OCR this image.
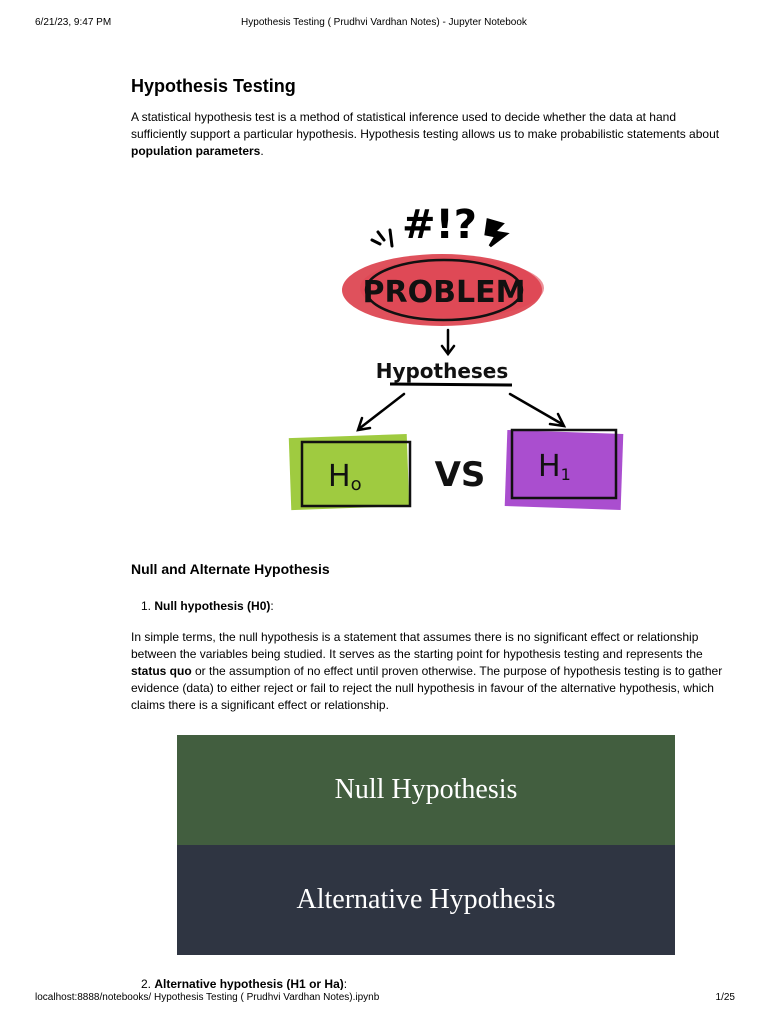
6/21/23, 9:47 PM	Hypothesis Testing ( Prudhvi Vardhan Notes) - Jupyter Notebook
Hypothesis Testing

A statistical hypothesis test is a method of statistical inference used to decide whether the data at hand sufficiently support a particular hypothesis. Hypothesis testing allows us to make probabilistic statements about population parameters.

#!?
PROBLEM
Hypotheses
Ho VS H1
Null and Alternate Hypothesis

1. Null hypothesis (H0):

In simple terms, the null hypothesis is a statement that assumes there is no significant effect or relationship between the variables being studied. It serves as the starting point for hypothesis testing and represents the status quo or the assumption of no effect until proven otherwise. The purpose of hypothesis testing is to gather evidence (data) to either reject or fail to reject the null hypothesis in favour of the alternative hypothesis, which claims there is a significant effect or relationship.

Null Hypothesis
Alternative Hypothesis

2. Alternative hypothesis (H1 or Ha):

localhost:8888/notebooks/ Hypothesis Testing ( Prudhvi Vardhan Notes).ipynb	1/25
